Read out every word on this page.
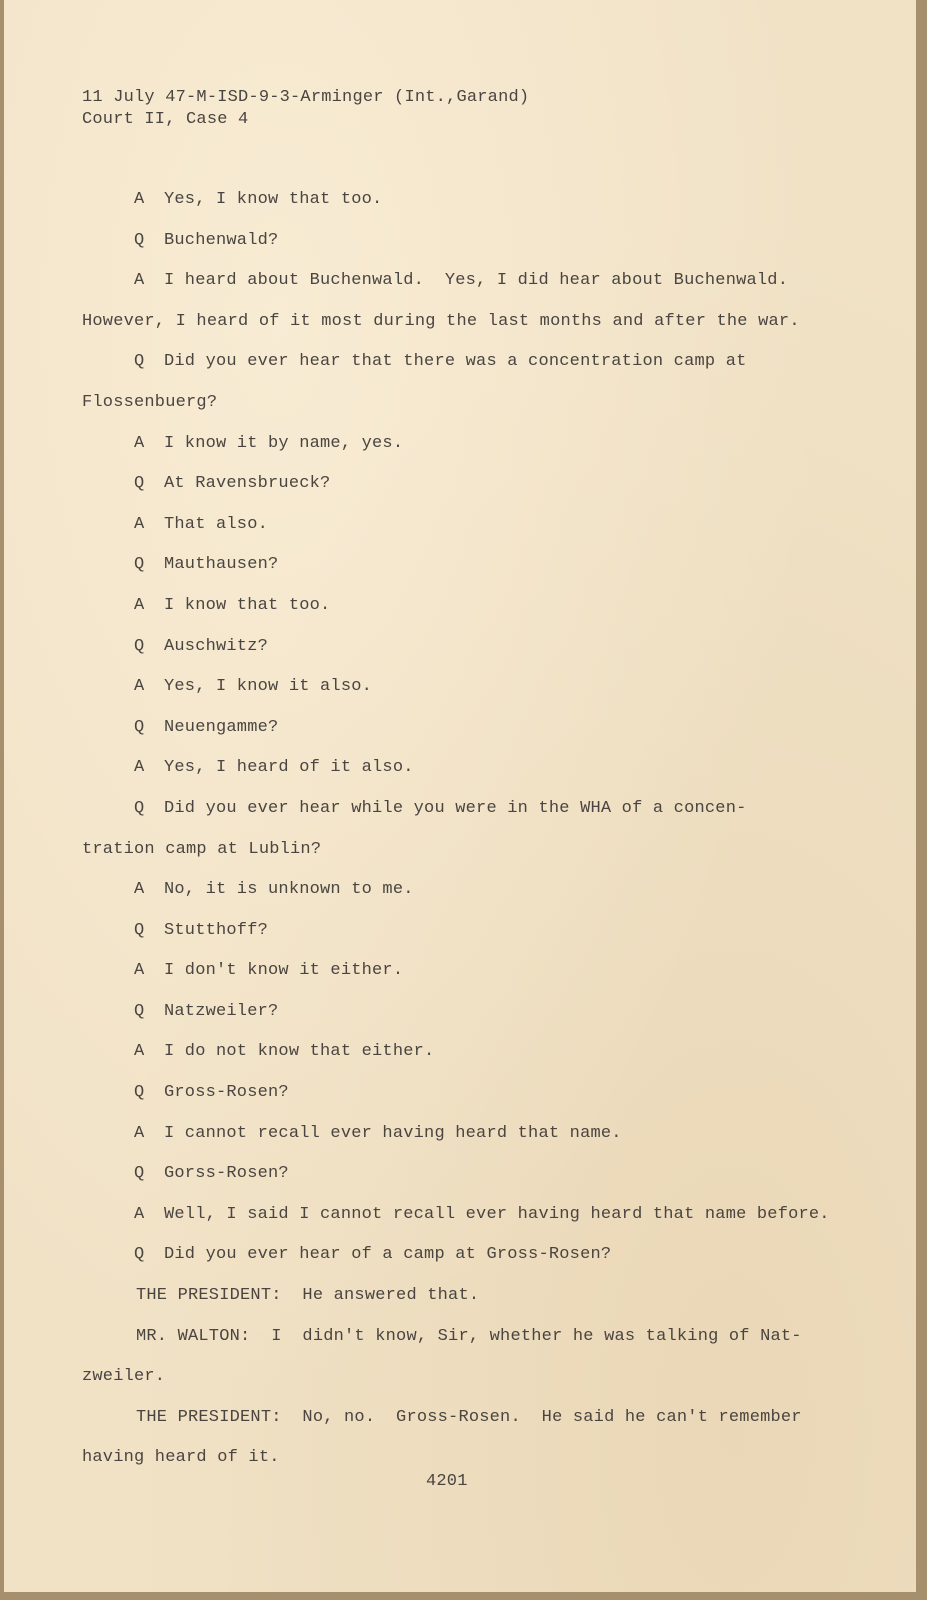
11 July 47-M-ISD-9-3-Arminger (Int.,Garand)
Court II, Case 4
A Yes, I know that too.
Q Buchenwald?
A I heard about Buchenwald.  Yes, I did hear about Buchenwald.
However, I heard of it most during the last months and after the war.
Q Did you ever hear that there was a concentration camp at
Flossenbuerg?
A I know it by name, yes.
Q At Ravensbrueck?
A That also.
Q Mauthausen?
A I know that too.
Q Auschwitz?
A Yes, I know it also.
Q Neuengamme?
A Yes, I heard of it also.
Q Did you ever hear while you were in the WHA of a concen-
tration camp at Lublin?
A No, it is unknown to me.
Q Stutthoff?
A I don't know it either.
Q Natzweiler?
A I do not know that either.
Q Gross-Rosen?
A I cannot recall ever having heard that name.
Q Gorss-Rosen?
A Well, I said I cannot recall ever having heard that name before.
Q Did you ever hear of a camp at Gross-Rosen?
THE PRESIDENT:  He answered that.
MR. WALTON:  I  didn't know, Sir, whether he was talking of Nat-
zweiler.
THE PRESIDENT:  No, no.  Gross-Rosen.  He said he can't remember
having heard of it.
4201
